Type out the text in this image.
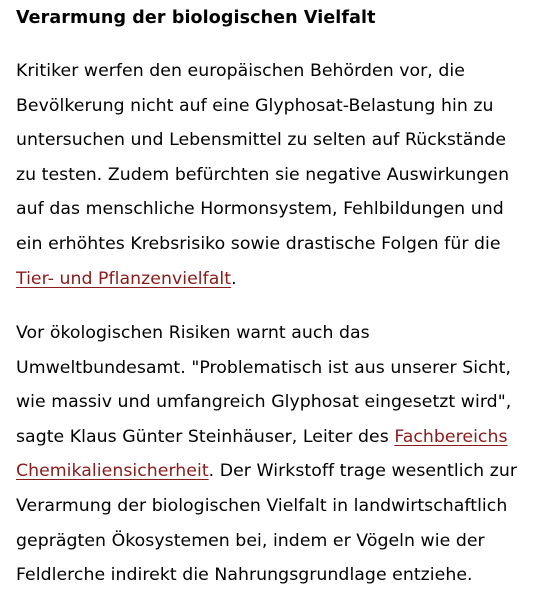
Verarmung der biologischen Vielfalt

Kritiker werfen den europäischen Behörden vor, die
Bevölkerung nicht auf eine Glyphosat-Belastung hin zu
untersuchen und Lebensmittel zu selten auf Rückstände
zu testen. Zudem befürchten sie negative Auswirkungen
auf das menschliche Hormonsystem, Fehlbildungen und
ein erhöhtes Krebsrisiko sowie drastische Folgen für die
Tier- und Pflanzenvielfalt.

Vor ökologischen Risiken warnt auch das
Umweltbundesamt. "Problematisch ist aus unserer Sicht,
wie massiv und umfangreich Glyphosat eingesetzt wird",
sagte Klaus Günter Steinhäuser, Leiter des Fachbereichs
Chemikaliensicherheit. Der Wirkstoff trage wesentlich zur
Verarmung der biologischen Vielfalt in landwirtschaftlich
geprägten Ökosystemen bei, indem er Vögeln wie der
Feldlerche indirekt die Nahrungsgrundlage entziehe.
